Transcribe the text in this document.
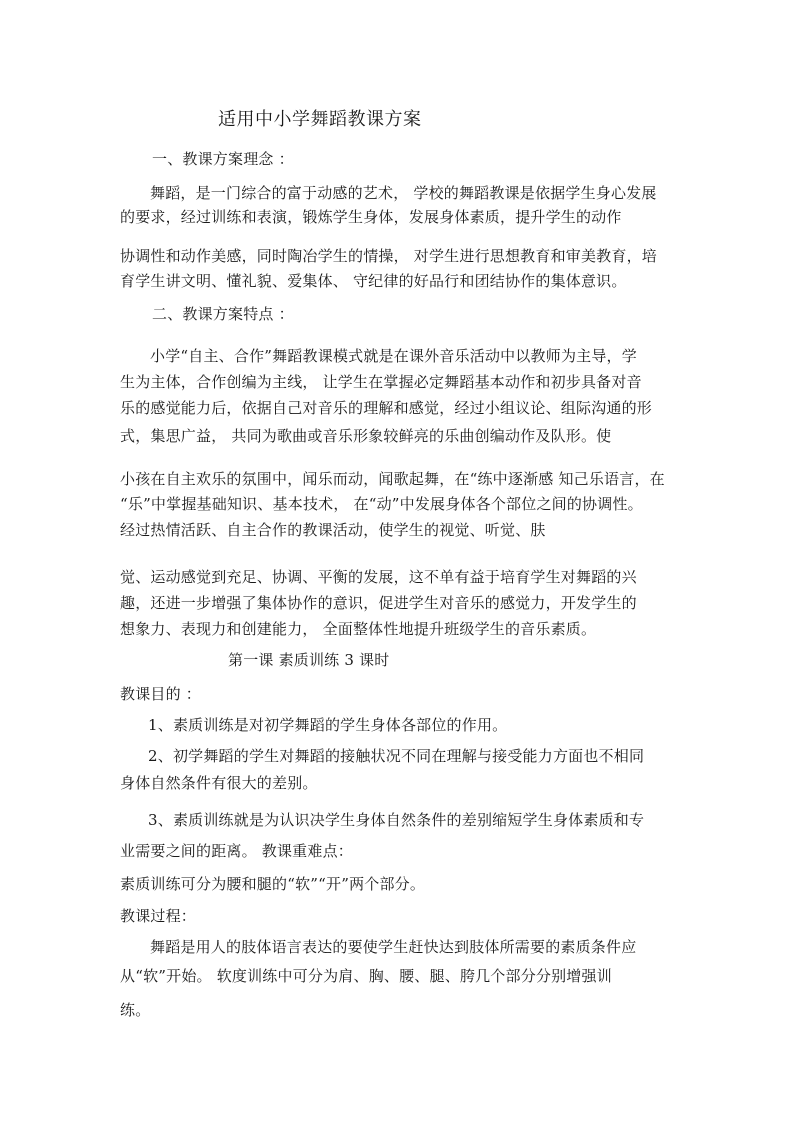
适用中小学舞蹈教课方案
一、教课方案理念 ：
舞蹈，是一门综合的富于动感的艺术， 学校的舞蹈教课是依据学生身心发展
的要求，经过训练和表演，锻炼学生身体，发展身体素质，提升学生的动作
协调性和动作美感，同时陶冶学生的情操， 对学生进行思想教育和审美教育，培
育学生讲文明、懂礼貌、爱集体、 守纪律的好品行和团结协作的集体意识。
二、教课方案特点 ：
小学“自主、合作”舞蹈教课模式就是在课外音乐活动中以教师为主导，学
生为主体，合作创编为主线， 让学生在掌握必定舞蹈基本动作和初步具备对音
乐的感觉能力后，依据自己对音乐的理解和感觉，经过小组议论、组际沟通的形
式，集思广益， 共同为歌曲或音乐形象较鲜亮的乐曲创编动作及队形。使
小孩在自主欢乐的氛围中，闻乐而动，闻歌起舞，在“练中逐渐感 知己乐语言，在
“乐”中掌握基础知识、基本技术， 在“动”中发展身体各个部位之间的协调性。
经过热情活跃、自主合作的教课活动，使学生的视觉、听觉、肤
觉、运动感觉到充足、协调、平衡的发展，这不单有益于培育学生对舞蹈的兴
趣，还进一步增强了集体协作的意识，促进学生对音乐的感觉力，开发学生的
想象力、表现力和创建能力， 全面整体性地提升班级学生的音乐素质。
第一课 素质训练 3 课时
教课目的 ：
1、素质训练是对初学舞蹈的学生身体各部位的作用。
2、初学舞蹈的学生对舞蹈的接触状况不同在理解与接受能力方面也不相同
身体自然条件有很大的差别。
3、素质训练就是为认识决学生身体自然条件的差别缩短学生身体素质和专
业需要之间的距离。 教课重难点：
素质训练可分为腰和腿的“软”“开”两个部分。
教课过程：
舞蹈是用人的肢体语言表达的要使学生赶快达到肢体所需要的素质条件应
从“软”开始。 软度训练中可分为肩、胸、腰、腿、胯几个部分分别增强训
练。
